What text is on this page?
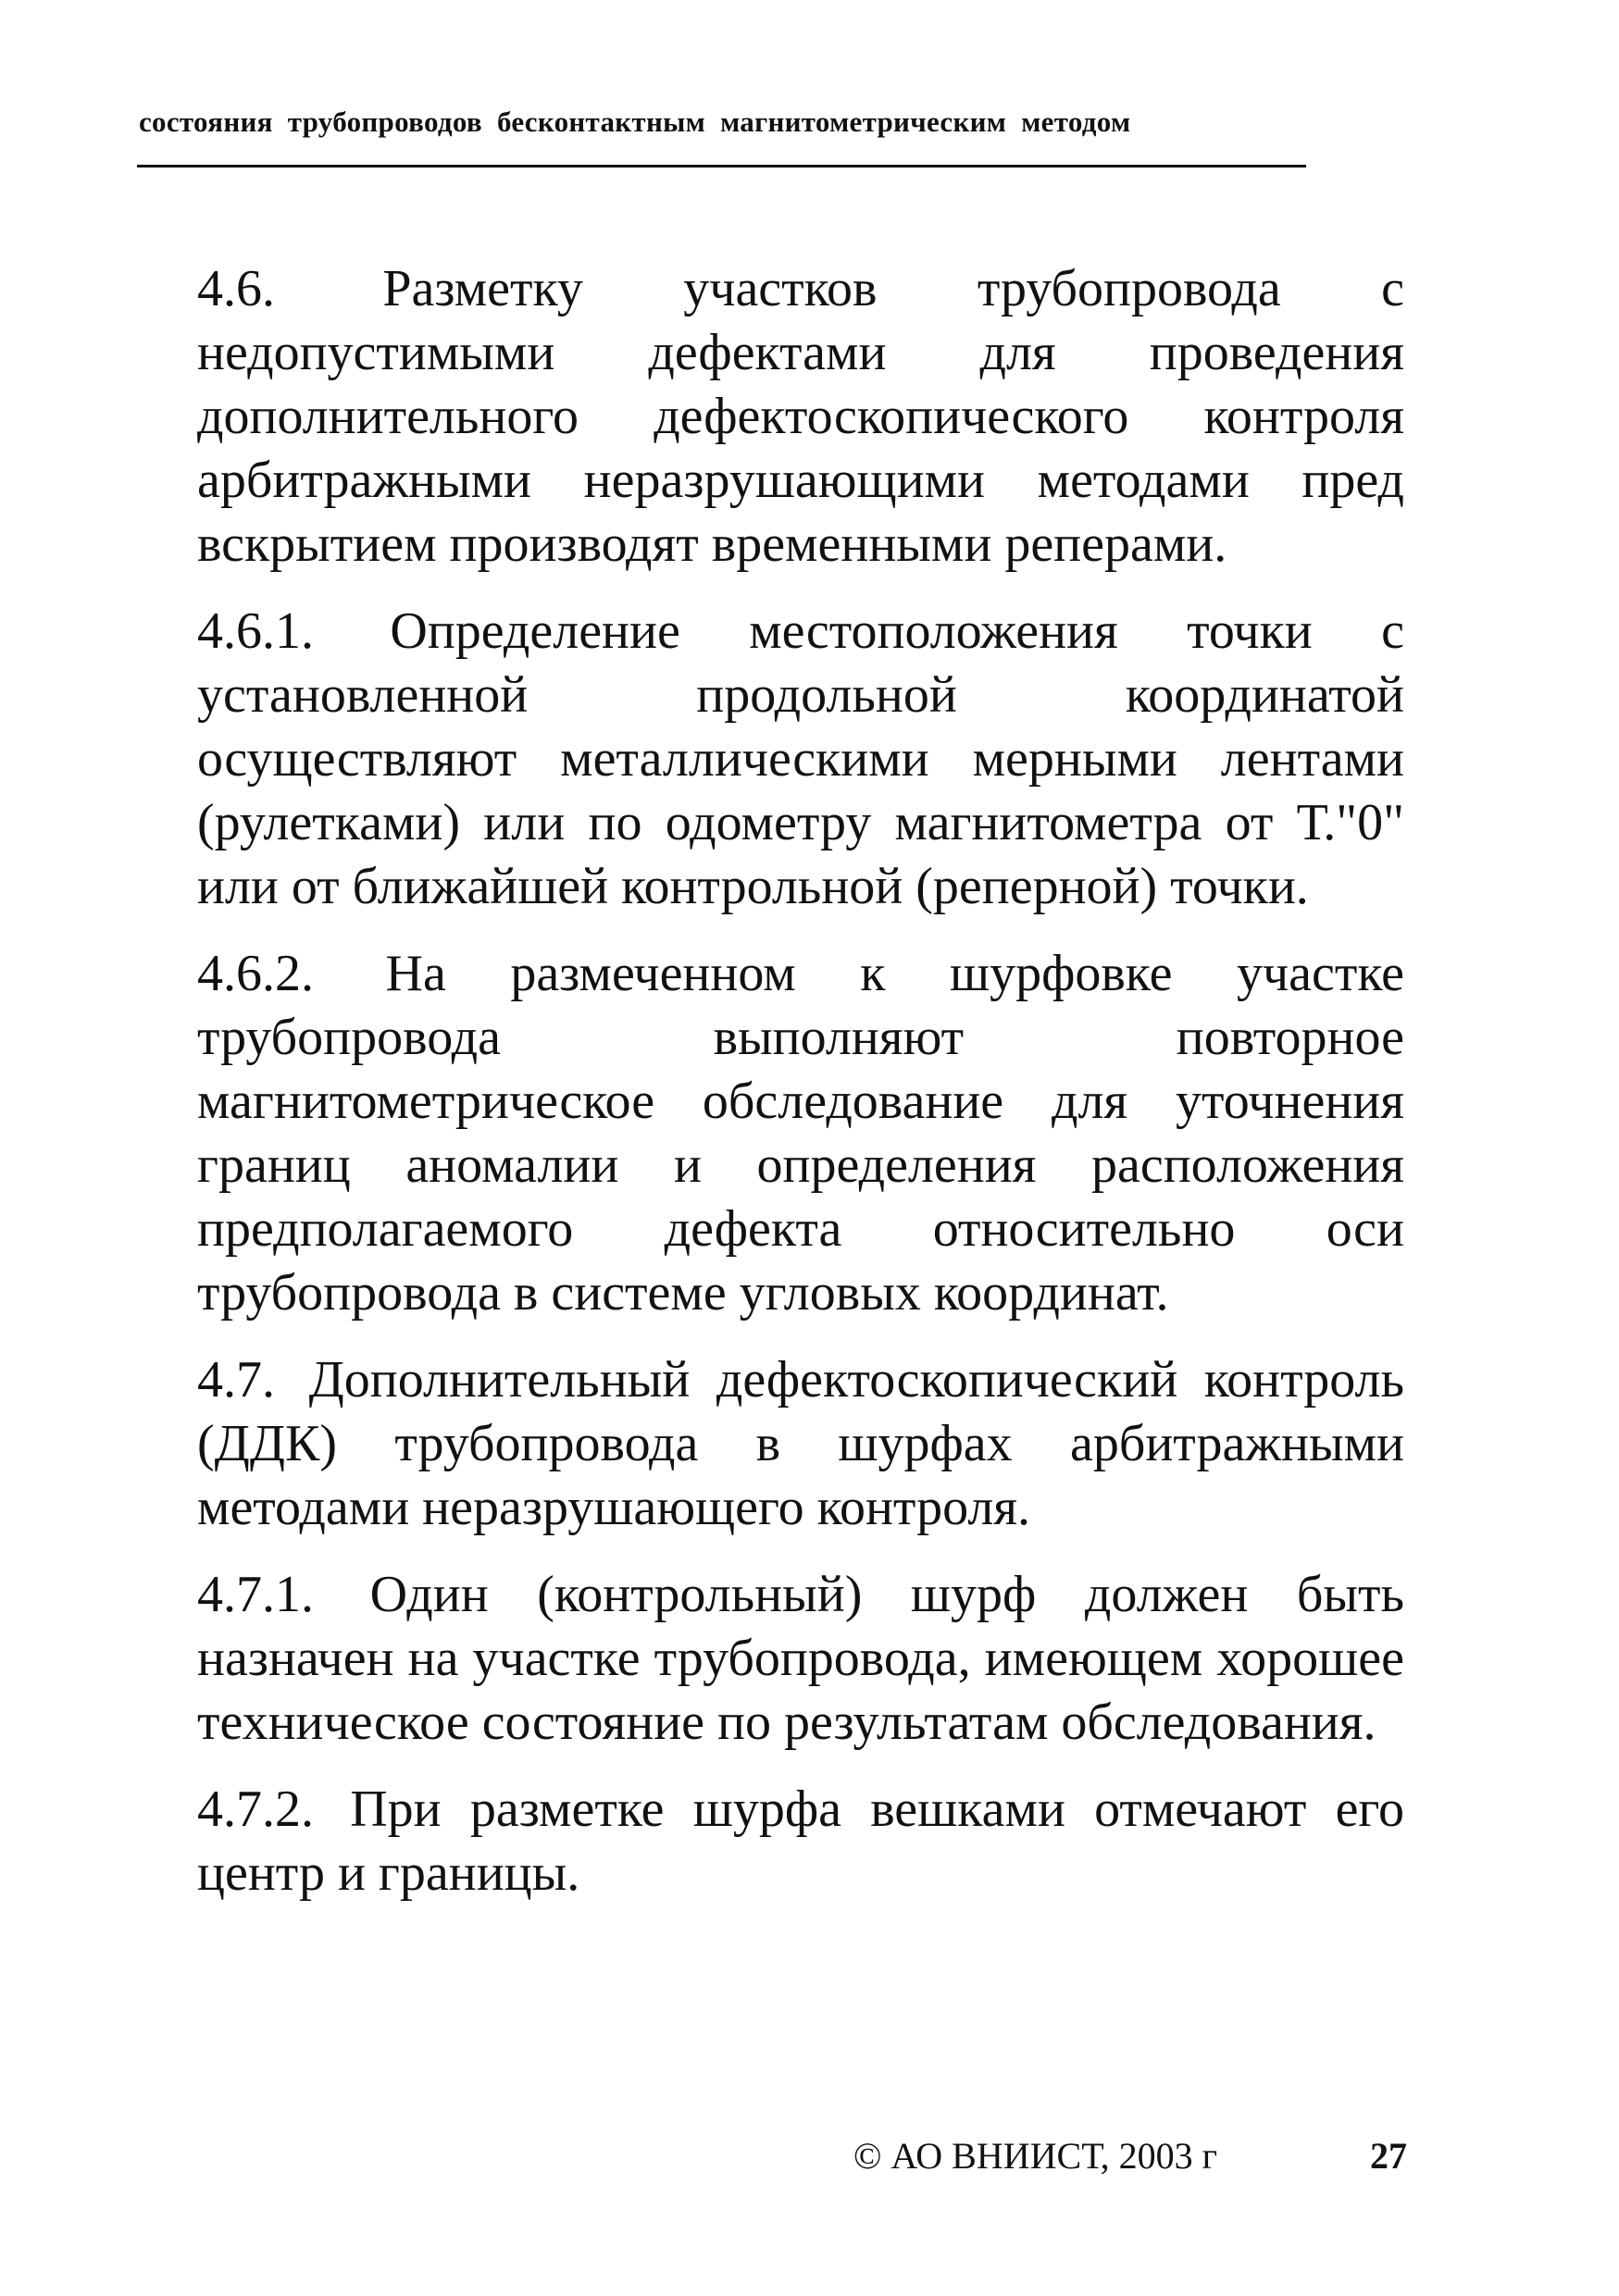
состояния трубопроводов бесконтактным магнитометрическим методом

4.6. Разметку участков трубопровода с недопустимыми дефектами для проведения дополнительного дефектоскопического контроля арбитражными неразрушающими методами пред вскрытием производят временными реперами.

4.6.1. Определение местоположения точки с установленной продольной координатой осуществляют металлическими мерными лентами (рулетками) или по одометру магнитометра от Т."0" или от ближайшей контрольной (реперной) точки.

4.6.2. На размеченном к шурфовке участке трубопровода выполняют повторное магнитометрическое обследование для уточнения границ аномалии и определения расположения предполагаемого дефекта относительно оси трубопровода в системе угловых координат.

4.7. Дополнительный дефектоскопический контроль (ДДК) трубопровода в шурфах арбитражными методами неразрушающего контроля.

4.7.1. Один (контрольный) шурф должен быть назначен на участке трубопровода, имеющем хорошее техническое состояние по результатам обследования.

4.7.2. При разметке шурфа вешками отмечают его центр и границы.

© АО ВНИИСТ, 2003 г	27
